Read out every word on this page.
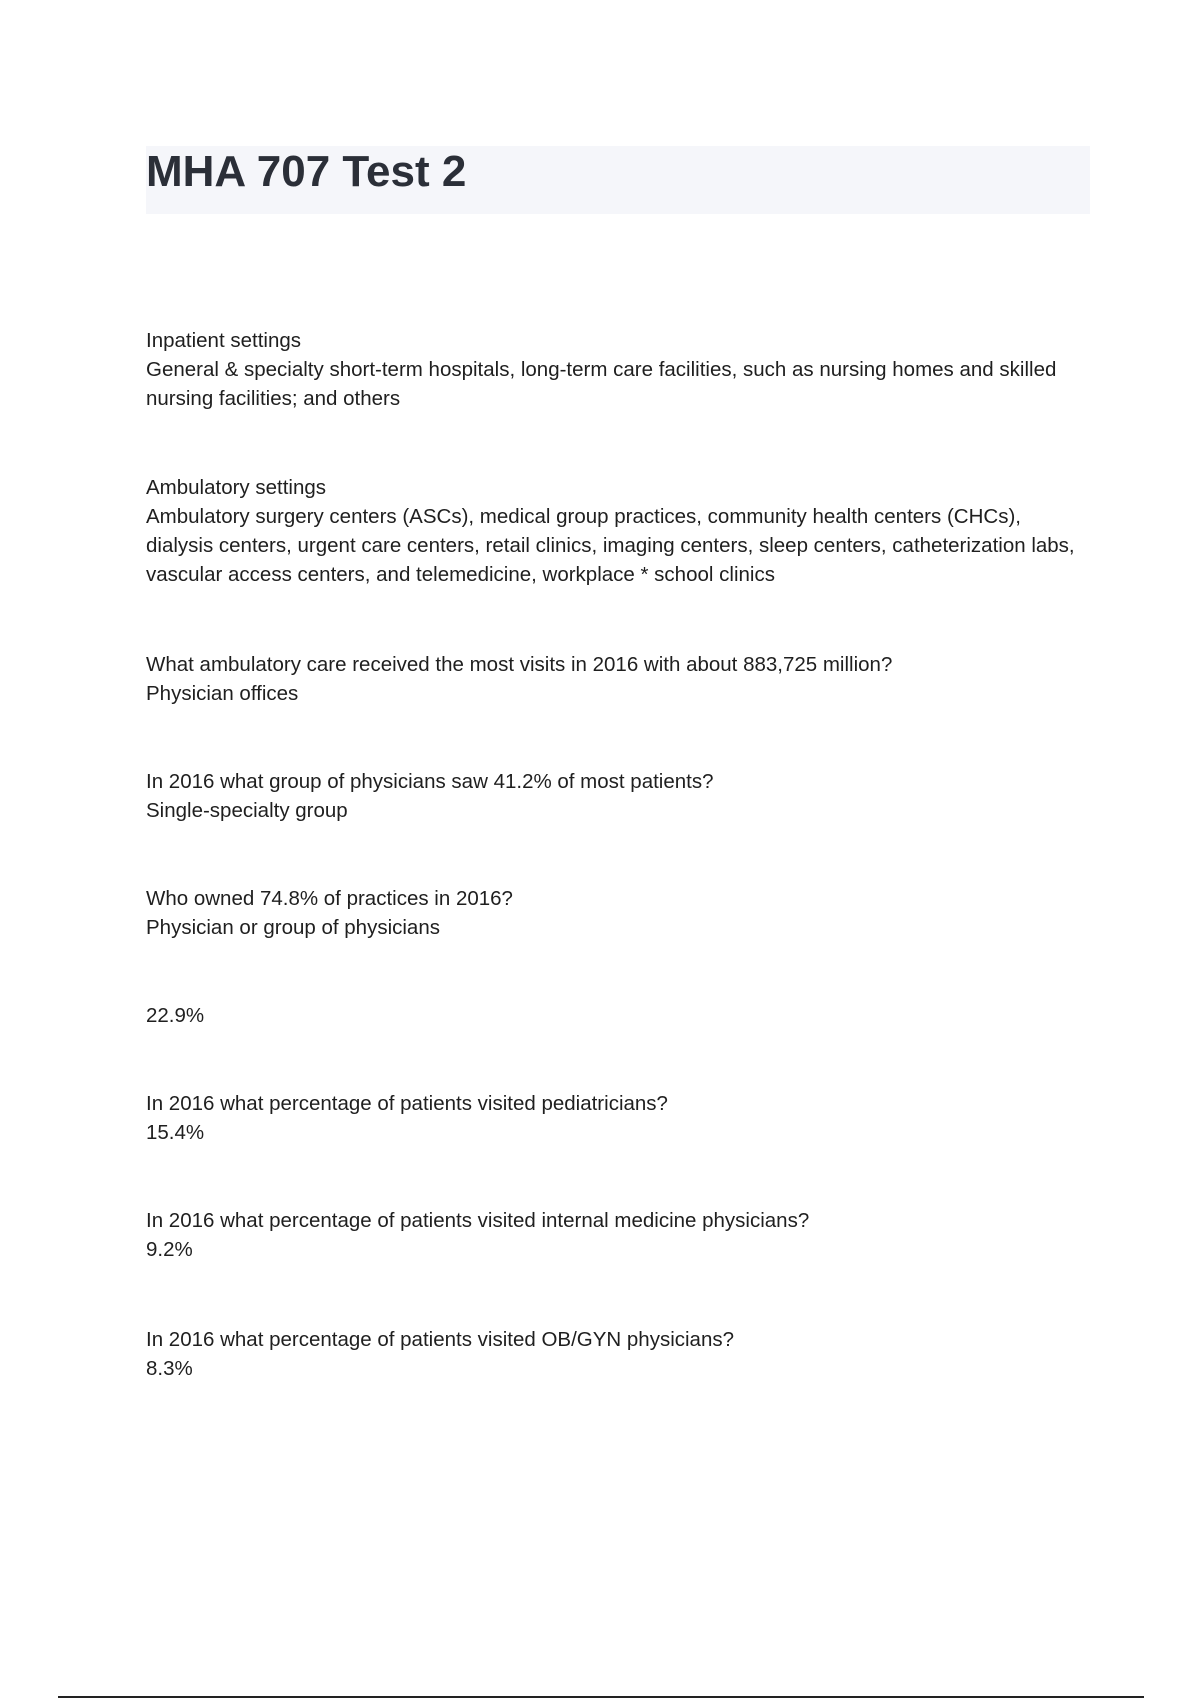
MHA 707 Test 2
Inpatient settings
General & specialty short-term hospitals, long-term care facilities, such as nursing homes and skilled nursing facilities; and others
Ambulatory settings
Ambulatory surgery centers (ASCs), medical group practices, community health centers (CHCs), dialysis centers, urgent care centers, retail clinics, imaging centers, sleep centers, catheterization labs, vascular access centers, and telemedicine, workplace * school clinics
What ambulatory care received the most visits in 2016 with about 883,725 million?
Physician offices
In 2016 what group of physicians saw 41.2% of most patients?
Single-specialty group
Who owned 74.8% of practices in 2016?
Physician or group of physicians
22.9%
In 2016 what percentage of patients visited pediatricians?
15.4%
In 2016 what percentage of patients visited internal medicine physicians?
9.2%
In 2016 what percentage of patients visited OB/GYN physicians?
8.3%
